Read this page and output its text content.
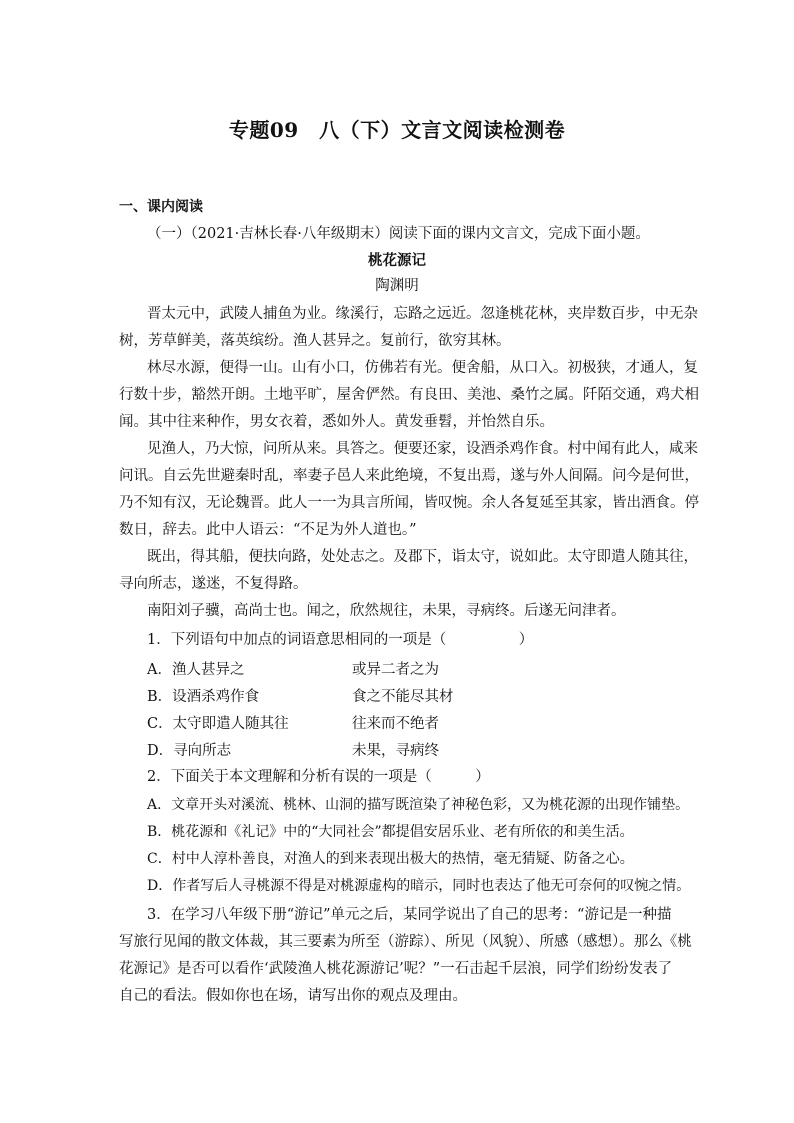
专题09　八（下）文言文阅读检测卷
一、课内阅读
（一）（2021·吉林长春·八年级期末）阅读下面的课内文言文，完成下面小题。
桃花源记
陶渊明
晋太元中，武陵人捕鱼为业。缘溪行，忘路之远近。忽逢桃花林，夹岸数百步，中无杂
树，芳草鲜美，落英缤纷。渔人甚异之。复前行，欲穷其林。
林尽水源，便得一山。山有小口，仿佛若有光。便舍船，从口入。初极狭，才通人，复
行数十步，豁然开朗。土地平旷，屋舍俨然。有良田、美池、桑竹之属。阡陌交通，鸡犬相
闻。其中往来种作，男女衣着，悉如外人。黄发垂髫，并怡然自乐。
见渔人，乃大惊，问所从来。具答之。便要还家，设酒杀鸡作食。村中闻有此人，咸来
问讯。自云先世避秦时乱，率妻子邑人来此绝境，不复出焉，遂与外人间隔。问今是何世，
乃不知有汉，无论魏晋。此人一一为具言所闻，皆叹惋。余人各复延至其家，皆出酒食。停
数日，辞去。此中人语云：“不足为外人道也。”
既出，得其船，便扶向路，处处志之。及郡下，诣太守，说如此。太守即遣人随其往，
寻向所志，遂迷，不复得路。
南阳刘子骥，高尚士也。闻之，欣然规往，未果，寻病终。后遂无问津者。
1．下列语句中加点的词语意思相同的一项是（　　　　　）
A．渔人甚异之	或异二者之为
B．设酒杀鸡作食	食之不能尽其材
C．太守即遣人随其往	往来而不绝者
D．寻向所志	未果，寻病终
2．下面关于本文理解和分析有误的一项是（　　　）
A．文章开头对溪流、桃林、山洞的描写既渲染了神秘色彩，又为桃花源的出现作铺垫。
B．桃花源和《礼记》中的“大同社会”都提倡安居乐业、老有所依的和美生活。
C．村中人淳朴善良，对渔人的到来表现出极大的热情，毫无猜疑、防备之心。
D．作者写后人寻桃源不得是对桃源虚构的暗示，同时也表达了他无可奈何的叹惋之情。
3．在学习八年级下册“游记”单元之后，某同学说出了自己的思考：“游记是一种描
写旅行见闻的散文体裁，其三要素为所至（游踪）、所见（风貌）、所感（感想）。那么《桃
花源记》是否可以看作‘武陵渔人桃花源游记’呢？”一石击起千层浪，同学们纷纷发表了
自己的看法。假如你也在场，请写出你的观点及理由。
